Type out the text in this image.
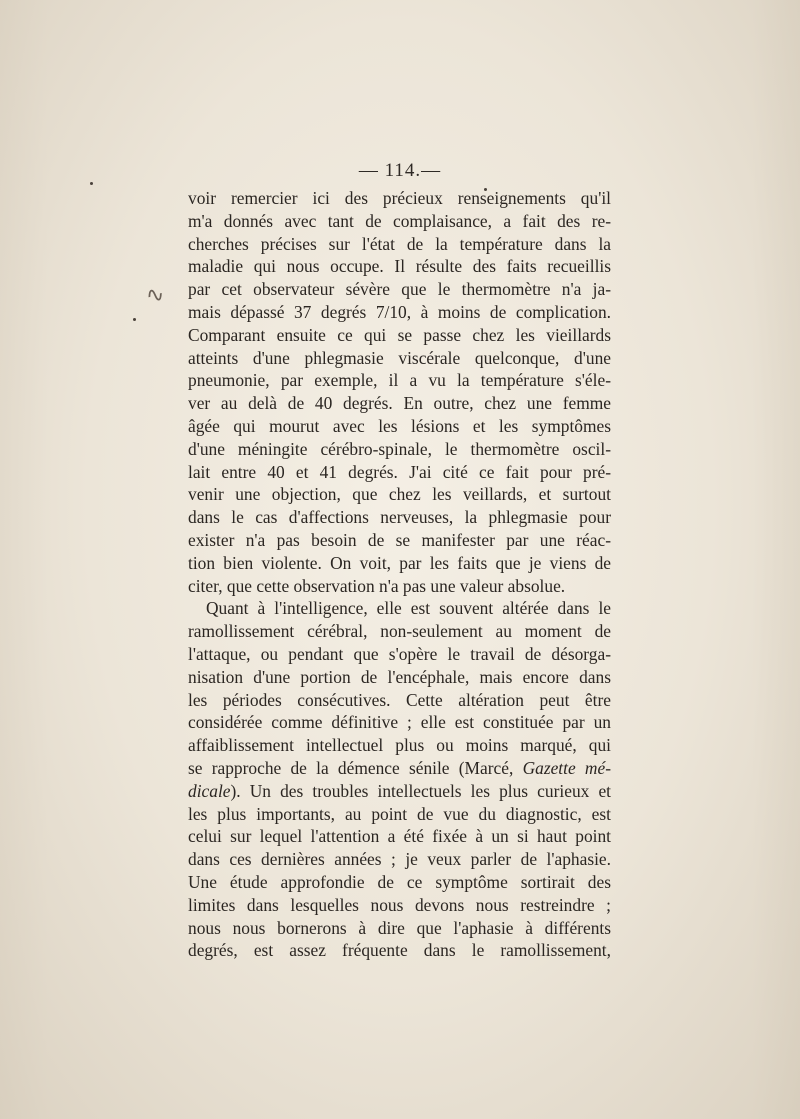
∿
— 114.—
voir remercier ici des précieux renseignements qu'il
m'a donnés avec tant de complaisance, a fait des re-
cherches précises sur l'état de la température dans la
maladie qui nous occupe. Il résulte des faits recueillis
par cet observateur sévère que le thermomètre n'a ja-
mais dépassé 37 degrés 7/10, à moins de complication.
Comparant ensuite ce qui se passe chez les vieillards
atteints d'une phlegmasie viscérale quelconque, d'une
pneumonie, par exemple, il a vu la température s'éle-
ver au delà de 40 degrés. En outre, chez une femme
âgée qui mourut avec les lésions et les symptômes
d'une méningite cérébro-spinale, le thermomètre oscil-
lait entre 40 et 41 degrés. J'ai cité ce fait pour pré-
venir une objection, que chez les veillards, et surtout
dans le cas d'affections nerveuses, la phlegmasie pour
exister n'a pas besoin de se manifester par une réac-
tion bien violente. On voit, par les faits que je viens de
citer, que cette observation n'a pas une valeur absolue.
Quant à l'intelligence, elle est souvent altérée dans le
ramollissement cérébral, non-seulement au moment de
l'attaque, ou pendant que s'opère le travail de désorga-
nisation d'une portion de l'encéphale, mais encore dans
les périodes consécutives. Cette altération peut être
considérée comme définitive ; elle est constituée par un
affaiblissement intellectuel plus ou moins marqué, qui
se rapproche de la démence sénile (Marcé, Gazette mé-
dicale). Un des troubles intellectuels les plus curieux et
les plus importants, au point de vue du diagnostic, est
celui sur lequel l'attention a été fixée à un si haut point
dans ces dernières années ; je veux parler de l'aphasie.
Une étude approfondie de ce symptôme sortirait des
limites dans lesquelles nous devons nous restreindre ;
nous nous bornerons à dire que l'aphasie à différents
degrés, est assez fréquente dans le ramollissement,
